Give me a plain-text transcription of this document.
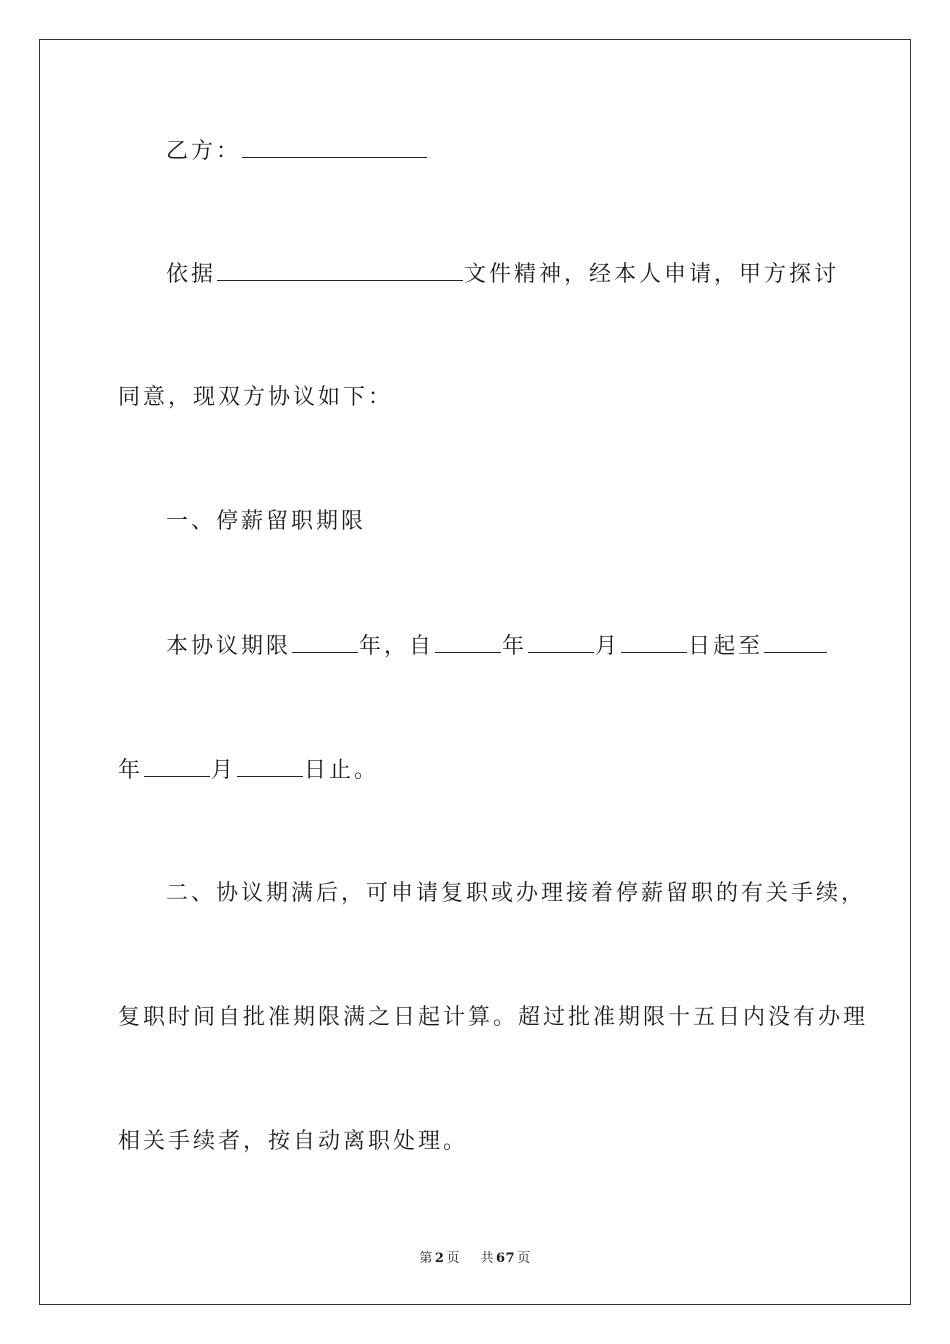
乙方：
依据	文件精神，经本人申请，甲方探讨
同意，现双方协议如下：
一、停薪留职期限
本协议期限	年，自	年	月	日起至
年	月	日止。
二、协议期满后，可申请复职或办理接着停薪留职的有关手续，
复职时间自批准期限满之日起计算。超过批准期限十五日内没有办理
相关手续者，按自动离职处理。
第 2 页 共 67 页
